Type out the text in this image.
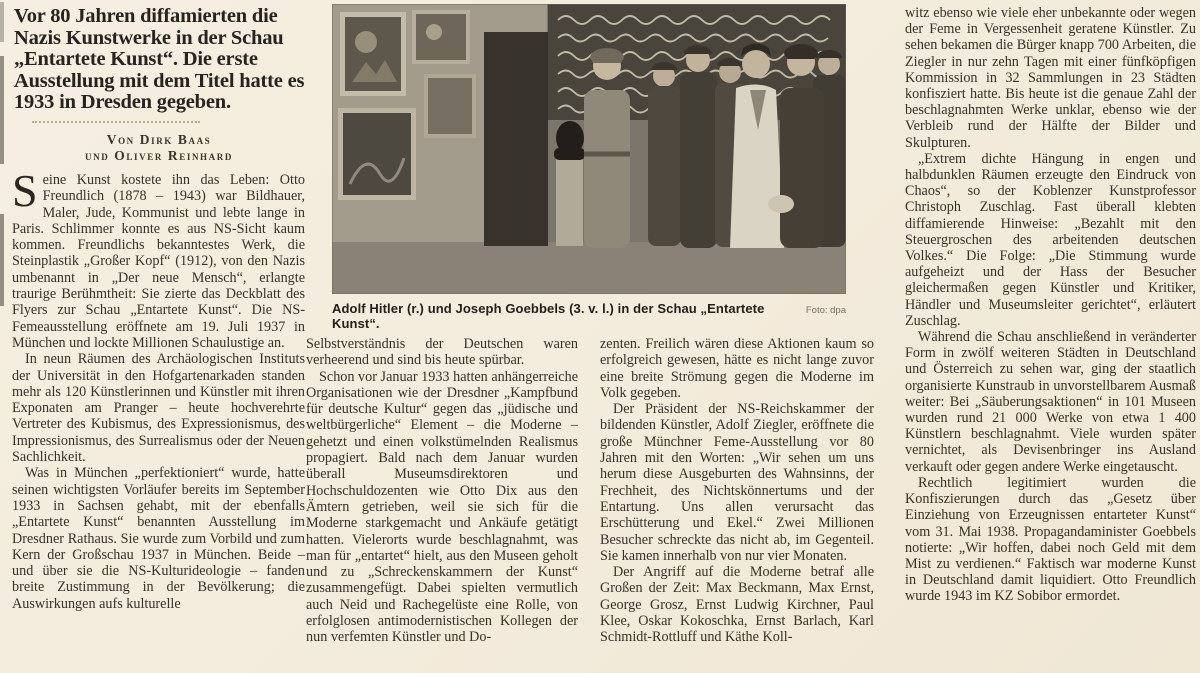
Vor 80 Jahren diffamierten die Nazis Kunstwerke in der Schau „Entartete Kunst“. Die erste Ausstellung mit dem Titel hatte es 1933 in Dresden gegeben.
Von Dirk Baas
und Oliver Reinhard

Seine Kunst kostete ihn das Leben: Otto Freundlich (1878 – 1943) war Bildhauer, Maler, Jude, Kommunist und lebte lange in Paris. Schlimmer konnte es aus NS-Sicht kaum kommen. Freundlichs bekanntestes Werk, die Steinplastik „Großer Kopf“ (1912), von den Nazis umbenannt in „Der neue Mensch“, erlangte traurige Berühmtheit: Sie zierte das Deckblatt des Flyers zur Schau „Entartete Kunst“. Die NS-Femeausstellung eröffnete am 19. Juli 1937 in München und lockte Millionen Schaulustige an.

In neun Räumen des Archäologischen Instituts der Universität in den Hofgartenarkaden standen mehr als 120 Künstlerinnen und Künstler mit ihren Exponaten am Pranger – heute hochverehrte Vertreter des Kubismus, des Expressionismus, des Impressionismus, des Surrealismus oder der Neuen Sachlichkeit.

Was in München „perfektioniert“ wurde, hatte seinen wichtigsten Vorläufer bereits im September 1933 in Sachsen gehabt, mit der ebenfalls „Entartete Kunst“ benannten Ausstellung im Dresdner Rathaus. Sie wurde zum Vorbild und zum Kern der Großschau 1937 in München. Beide – und über sie die NS-Kulturideologie – fanden breite Zustimmung in der Bevölkerung; die Auswirkungen aufs kulturelle

Adolf Hitler (r.) und Joseph Goebbels (3. v. l.) in der Schau „Entartete Kunst“.
Foto: dpa

Selbstverständnis der Deutschen waren verheerend und sind bis heute spürbar.

Schon vor Januar 1933 hatten anhängerreiche Organisationen wie der Dresdner „Kampfbund für deutsche Kultur“ gegen das „jüdische und weltbürgerliche“ Element – die Moderne – gehetzt und einen volkstümelnden Realismus propagiert. Bald nach dem Januar wurden überall Museumsdirektoren und Hochschuldozenten wie Otto Dix aus den Ämtern getrieben, weil sie sich für die Moderne starkgemacht und Ankäufe getätigt hatten. Vielerorts wurde beschlagnahmt, was man für „entartet“ hielt, aus den Museen geholt und zu „Schreckenskammern der Kunst“ zusammengefügt. Dabei spielten vermutlich auch Neid und Rachegelüste eine Rolle, von erfolglosen antimodernistischen Kollegen der nun verfemten Künstler und Do-

zenten. Freilich wären diese Aktionen kaum so erfolgreich gewesen, hätte es nicht lange zuvor eine breite Strömung gegen die Moderne im Volk gegeben.

Der Präsident der NS-Reichskammer der bildenden Künstler, Adolf Ziegler, eröffnete die große Münchner Feme-Ausstellung vor 80 Jahren mit den Worten: „Wir sehen um uns herum diese Ausgeburten des Wahnsinns, der Frechheit, des Nichtskönnertums und der Entartung. Uns allen verursacht das Erschütterung und Ekel.“ Zwei Millionen Besucher schreckte das nicht ab, im Gegenteil. Sie kamen innerhalb von nur vier Monaten.

Der Angriff auf die Moderne betraf alle Großen der Zeit: Max Beckmann, Max Ernst, George Grosz, Ernst Ludwig Kirchner, Paul Klee, Oskar Kokoschka, Ernst Barlach, Karl Schmidt-Rottluff und Käthe Koll-

witz ebenso wie viele eher unbekannte oder wegen der Feme in Vergessenheit geratene Künstler. Zu sehen bekamen die Bürger knapp 700 Arbeiten, die Ziegler in nur zehn Tagen mit einer fünfköpfigen Kommission in 32 Sammlungen in 23 Städten konfisziert hatte. Bis heute ist die genaue Zahl der beschlagnahmten Werke unklar, ebenso wie der Verbleib rund der Hälfte der Bilder und Skulpturen.

„Extrem dichte Hängung in engen und halbdunklen Räumen erzeugte den Eindruck von Chaos“, so der Koblenzer Kunstprofessor Christoph Zuschlag. Fast überall klebten diffamierende Hinweise: „Bezahlt mit den Steuergroschen des arbeitenden deutschen Volkes.“ Die Folge: „Die Stimmung wurde aufgeheizt und der Hass der Besucher gleichermaßen gegen Künstler und Kritiker, Händler und Museumsleiter gerichtet“, erläutert Zuschlag.

Während die Schau anschließend in veränderter Form in zwölf weiteren Städten in Deutschland und Österreich zu sehen war, ging der staatlich organisierte Kunstraub in unvorstellbarem Ausmaß weiter: Bei „Säuberungsaktionen“ in 101 Museen wurden rund 21 000 Werke von etwa 1 400 Künstlern beschlagnahmt. Viele wurden später vernichtet, als Devisenbringer ins Ausland verkauft oder gegen andere Werke eingetauscht.

Rechtlich legitimiert wurden die Konfiszierungen durch das „Gesetz über Einziehung von Erzeugnissen entarteter Kunst“ vom 31. Mai 1938. Propagandaminister Goebbels notierte: „Wir hoffen, dabei noch Geld mit dem Mist zu verdienen.“ Faktisch war moderne Kunst in Deutschland damit liquidiert. Otto Freundlich wurde 1943 im KZ Sobibor ermordet.
